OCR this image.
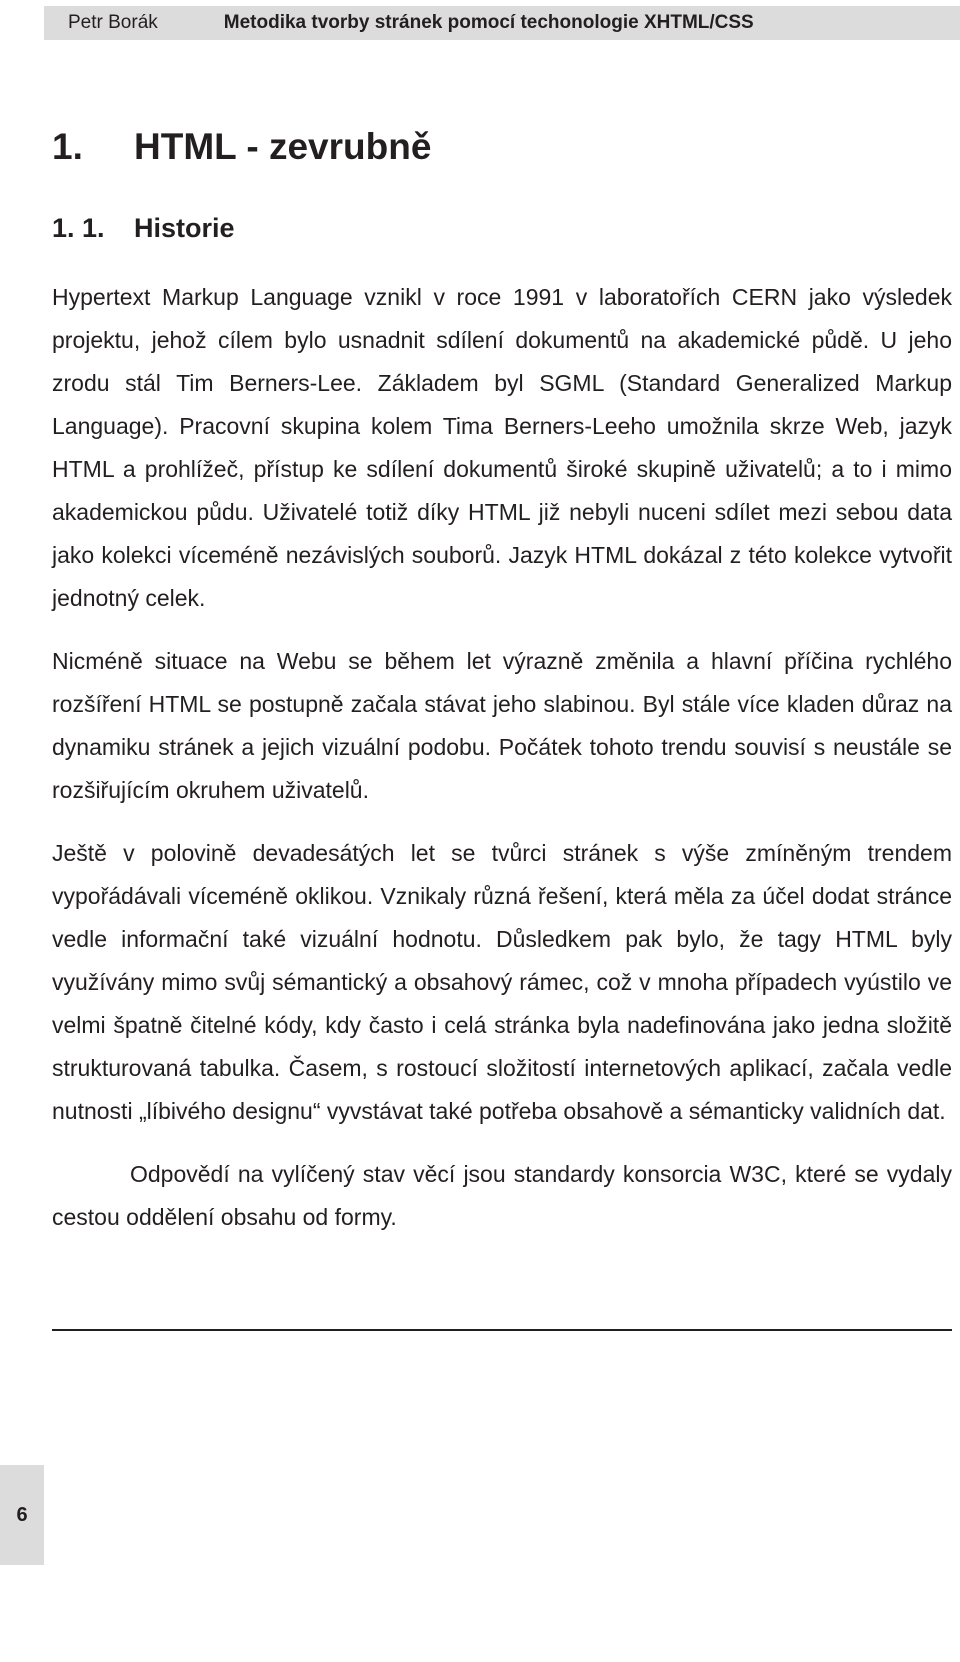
Petr Borák	Metodika tvorby stránek pomocí techonologie XHTML/CSS
1.	HTML - zevrubně
1. 1.	Historie

Hypertext Markup Language vznikl v roce 1991 v laboratořích CERN jako výsledek projektu, jehož cílem bylo usnadnit sdílení dokumentů na akademické půdě. U jeho zrodu stál Tim Berners-Lee. Základem byl SGML (Standard Generalized Markup Language). Pracovní skupina kolem Tima Berners-Leeho umožnila skrze Web, jazyk HTML a prohlížeč, přístup ke sdílení dokumentů široké skupině uživatelů; a to i mimo akademickou půdu. Uživatelé totiž díky HTML již nebyli nuceni sdílet mezi sebou data jako kolekci víceméně nezávislých souborů. Jazyk HTML dokázal z této kolekce vytvořit jednotný celek.

Nicméně situace na Webu se během let výrazně změnila a hlavní příčina rychlého rozšíření HTML se postupně začala stávat jeho slabinou. Byl stále více kladen důraz na dynamiku stránek a jejich vizuální podobu. Počátek tohoto trendu souvisí s neustále se rozšiřujícím okruhem uživatelů.

Ještě v polovině devadesátých let se tvůrci stránek s výše zmíněným trendem vypořádávali víceméně oklikou. Vznikaly různá řešení, která měla za účel dodat stránce vedle informační také vizuální hodnotu. Důsledkem pak bylo, že tagy HTML byly využívány mimo svůj sémantický a obsahový rámec, což v mnoha případech vyústilo ve velmi špatně čitelné kódy, kdy často i celá stránka byla nadefinována jako jedna složitě strukturovaná tabulka. Časem, s rostoucí složitostí internetových aplikací, začala vedle nutnosti „líbivého designu“ vyvstávat také potřeba obsahově a sémanticky validních dat.

Odpovědí na vylíčený stav věcí jsou standardy konsorcia W3C, které se vydaly cestou oddělení obsahu od formy.

6
